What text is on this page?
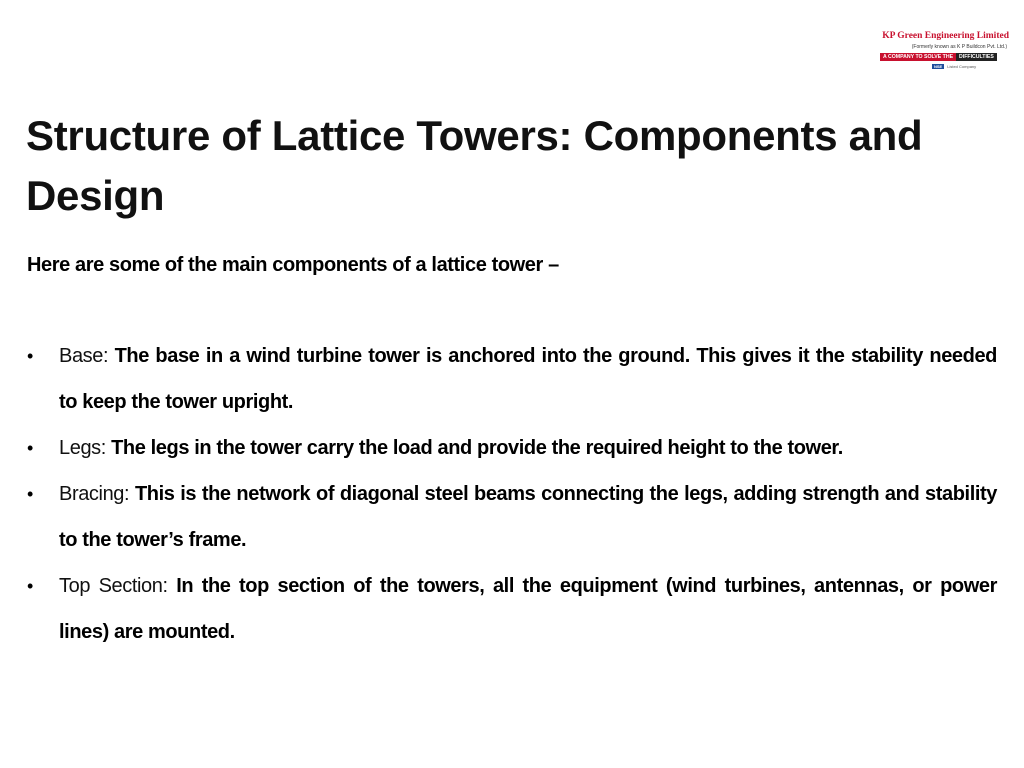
KP Green Engineering Limited
(Formerly known as K P Buildcon Pvt. Ltd.)
A COMPANY TO SOLVE THE	DIFFICULTIES
NSE	Listed Company
Structure of Lattice Towers: Components and Design

Here are some of the main components of a lattice tower –

• Base: The base in a wind turbine tower is anchored into the ground. This gives it the stability needed to keep the tower upright.
• Legs: The legs in the tower carry the load and provide the required height to the tower.
• Bracing: This is the network of diagonal steel beams connecting the legs, adding strength and stability to the tower’s frame.
• Top Section: In the top section of the towers, all the equipment (wind turbines, antennas, or power lines) are mounted.
